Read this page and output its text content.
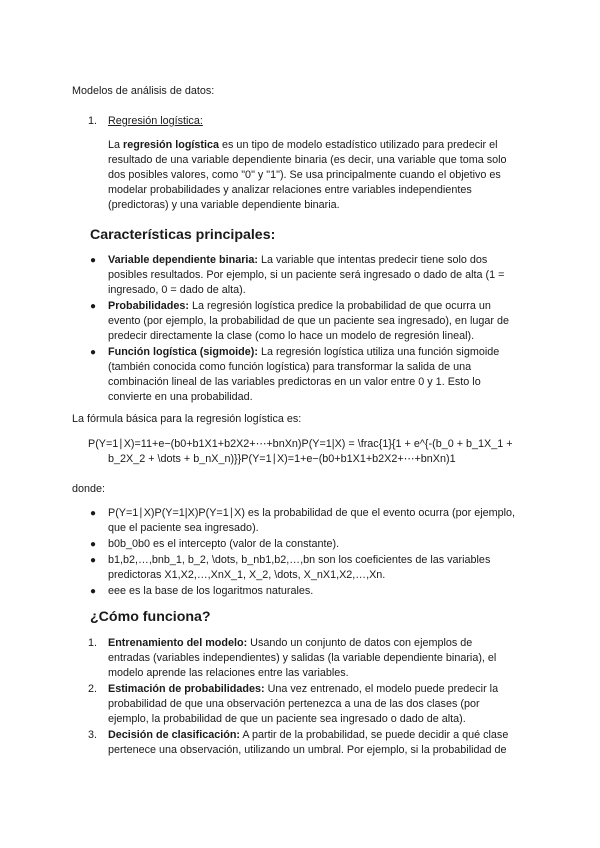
Modelos de análisis de datos:
1. Regresión logística:
La regresión logística es un tipo de modelo estadístico utilizado para predecir el
resultado de una variable dependiente binaria (es decir, una variable que toma solo
dos posibles valores, como "0" y "1"). Se usa principalmente cuando el objetivo es
modelar probabilidades y analizar relaciones entre variables independientes
(predictoras) y una variable dependiente binaria.
Características principales:
● Variable dependiente binaria: La variable que intentas predecir tiene solo dos
posibles resultados. Por ejemplo, si un paciente será ingresado o dado de alta (1 =
ingresado, 0 = dado de alta).
● Probabilidades: La regresión logística predice la probabilidad de que ocurra un
evento (por ejemplo, la probabilidad de que un paciente sea ingresado), en lugar de
predecir directamente la clase (como lo hace un modelo de regresión lineal).
● Función logística (sigmoide): La regresión logística utiliza una función sigmoide
(también conocida como función logística) para transformar la salida de una
combinación lineal de las variables predictoras en un valor entre 0 y 1. Esto lo
convierte en una probabilidad.
La fórmula básica para la regresión logística es:
P(Y=1∣X)=11+e−(b0+b1X1+b2X2+⋯+bnXn)P(Y=1|X) = \frac{1}{1 + e^{-(b_0 + b_1X_1 +
b_2X_2 + \dots + b_nX_n)}}P(Y=1∣X)=1+e−(b0+b1X1+b2X2+⋯+bnXn)1
donde:
● P(Y=1∣X)P(Y=1|X)P(Y=1∣X) es la probabilidad de que el evento ocurra (por ejemplo,
que el paciente sea ingresado).
● b0b_0b0 es el intercepto (valor de la constante).
● b1,b2,…,bnb_1, b_2, \dots, b_nb1,b2,…,bn son los coeficientes de las variables
predictoras X1,X2,…,XnX_1, X_2, \dots, X_nX1,X2,…,Xn.
● eee es la base de los logaritmos naturales.
¿Cómo funciona?
1. Entrenamiento del modelo: Usando un conjunto de datos con ejemplos de
entradas (variables independientes) y salidas (la variable dependiente binaria), el
modelo aprende las relaciones entre las variables.
2. Estimación de probabilidades: Una vez entrenado, el modelo puede predecir la
probabilidad de que una observación pertenezca a una de las dos clases (por
ejemplo, la probabilidad de que un paciente sea ingresado o dado de alta).
3. Decisión de clasificación: A partir de la probabilidad, se puede decidir a qué clase
pertenece una observación, utilizando un umbral. Por ejemplo, si la probabilidad de
